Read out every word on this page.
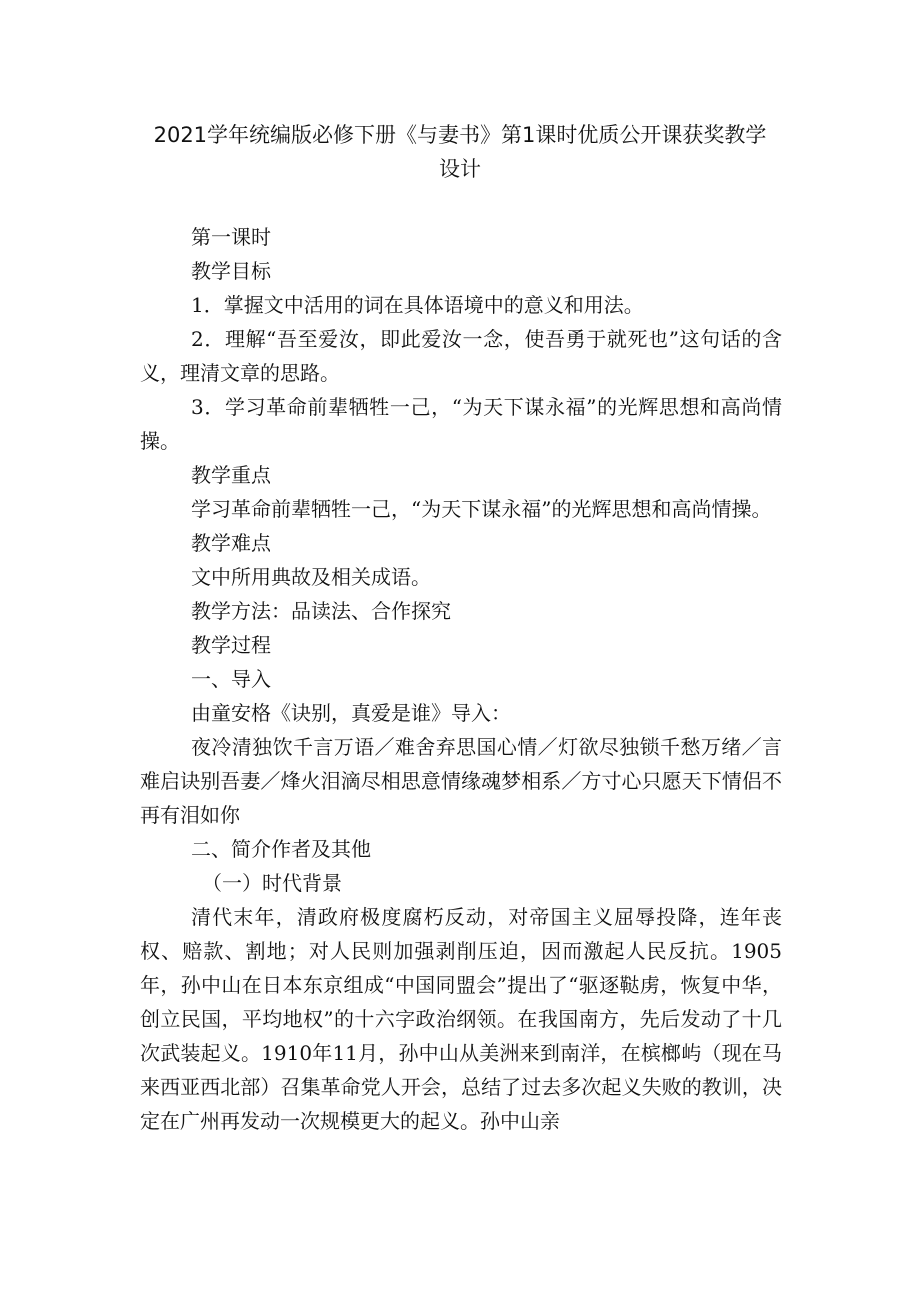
2021学年统编版必修下册《与妻书》第1课时优质公开课获奖教学
设计

第一课时

教学目标

1．掌握文中活用的词在具体语境中的意义和用法。

2．理解“吾至爱汝，即此爱汝一念，使吾勇于就死也”这句话的含义，理清文章的思路。

3．学习革命前辈牺牲一己，“为天下谋永福”的光辉思想和高尚情操。

教学重点

学习革命前辈牺牲一己，“为天下谋永福”的光辉思想和高尚情操。

教学难点

文中所用典故及相关成语。

教学方法：品读法、合作探究

教学过程

一、导入

由童安格《诀别，真爱是谁》导入：

夜冷清独饮千言万语／难舍弃思国心情／灯欲尽独锁千愁万绪／言难启诀别吾妻／烽火泪滴尽相思意情缘魂梦相系／方寸心只愿天下情侣不再有泪如你

二、简介作者及其他

（一）时代背景

清代末年，清政府极度腐朽反动，对帝国主义屈辱投降，连年丧权、赔款、割地；对人民则加强剥削压迫，因而激起人民反抗。1905年，孙中山在日本东京组成“中国同盟会”提出了“驱逐鞑虏，恢复中华，创立民国，平均地权”的十六字政治纲领。在我国南方，先后发动了十几次武装起义。1910年11月，孙中山从美洲来到南洋，在槟榔屿（现在马来西亚西北部）召集革命党人开会，总结了过去多次起义失败的教训，决定在广州再发动一次规模更大的起义。孙中山亲
